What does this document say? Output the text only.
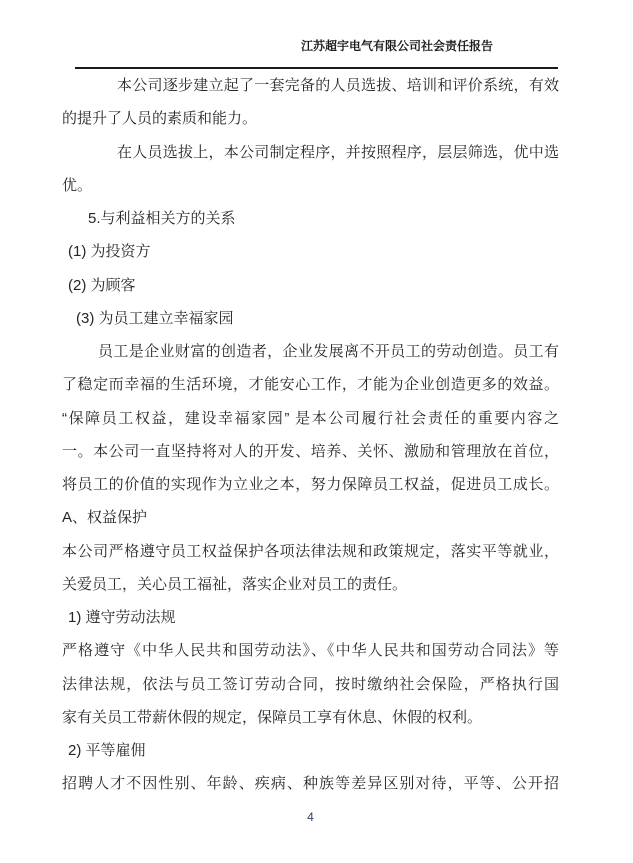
江苏超宇电气有限公司社会责任报告
本公司逐步建立起了一套完备的人员选拔、培训和评价系统，有效
的提升了人员的素质和能力。
在人员选拔上，本公司制定程序，并按照程序，层层筛选，优中选
优。
5.与利益相关方的关系
(1) 为投资方
(2) 为顾客
(3) 为员工建立幸福家园
员工是企业财富的创造者，企业发展离不开员工的劳动创造。员工有
了稳定而幸福的生活环境，才能安心工作，才能为企业创造更多的效益。
“保障员工权益，建设幸福家园” 是本公司履行社会责任的重要内容之
一。本公司一直坚持将对人的开发、培养、关怀、激励和管理放在首位，
将员工的价值的实现作为立业之本，努力保障员工权益，促进员工成长。
A、权益保护
本公司严格遵守员工权益保护各项法律法规和政策规定，落实平等就业，
关爱员工，关心员工福祉，落实企业对员工的责任。
1) 遵守劳动法规
严格遵守《中华人民共和国劳动法》、《中华人民共和国劳动合同法》等
法律法规，依法与员工签订劳动合同，按时缴纳社会保险，严格执行国
家有关员工带薪休假的规定，保障员工享有休息、休假的权利。
2) 平等雇佣
招聘人才不因性别、年龄、疾病、种族等差异区别对待，平等、公开招
4
